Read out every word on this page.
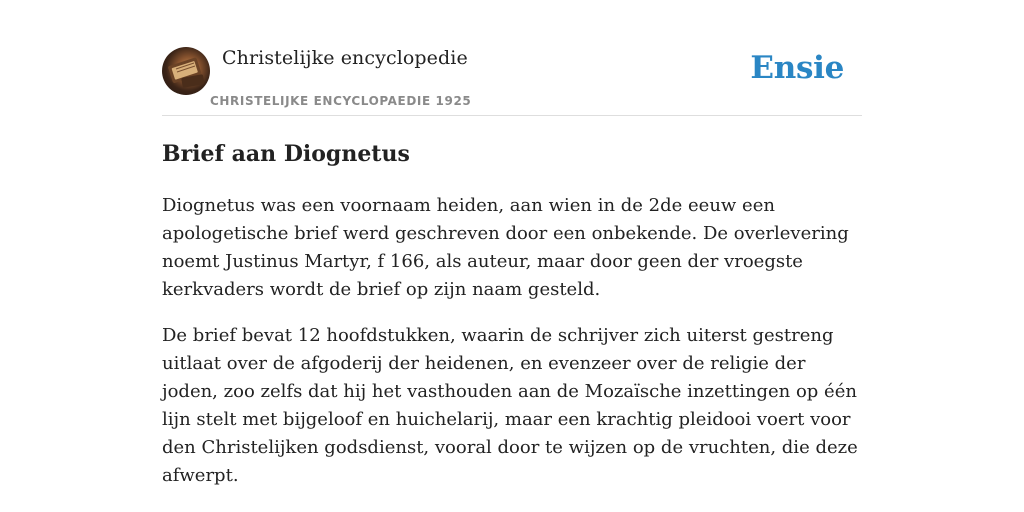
Christelijke encyclopedie
CHRISTELIJKE ENCYCLOPAEDIE 1925
Ensie
Brief aan Diognetus

Diognetus was een voornaam heiden, aan wien in de 2de eeuw een apologetische brief werd geschreven door een onbekende. De overlevering noemt Justinus Martyr, f 166, als auteur, maar door geen der vroegste kerkvaders wordt de brief op zijn naam gesteld.

De brief bevat 12 hoofdstukken, waarin de schrijver zich uiterst gestreng uitlaat over de afgoderij der heidenen, en evenzeer over de religie der joden, zoo zelfs dat hij het vasthouden aan de Mozaïsche inzettingen op één lijn stelt met bijgeloof en huichelarij, maar een krachtig pleidooi voert voor den Christelijken godsdienst, vooral door te wijzen op de vruchten, die deze afwerpt.
